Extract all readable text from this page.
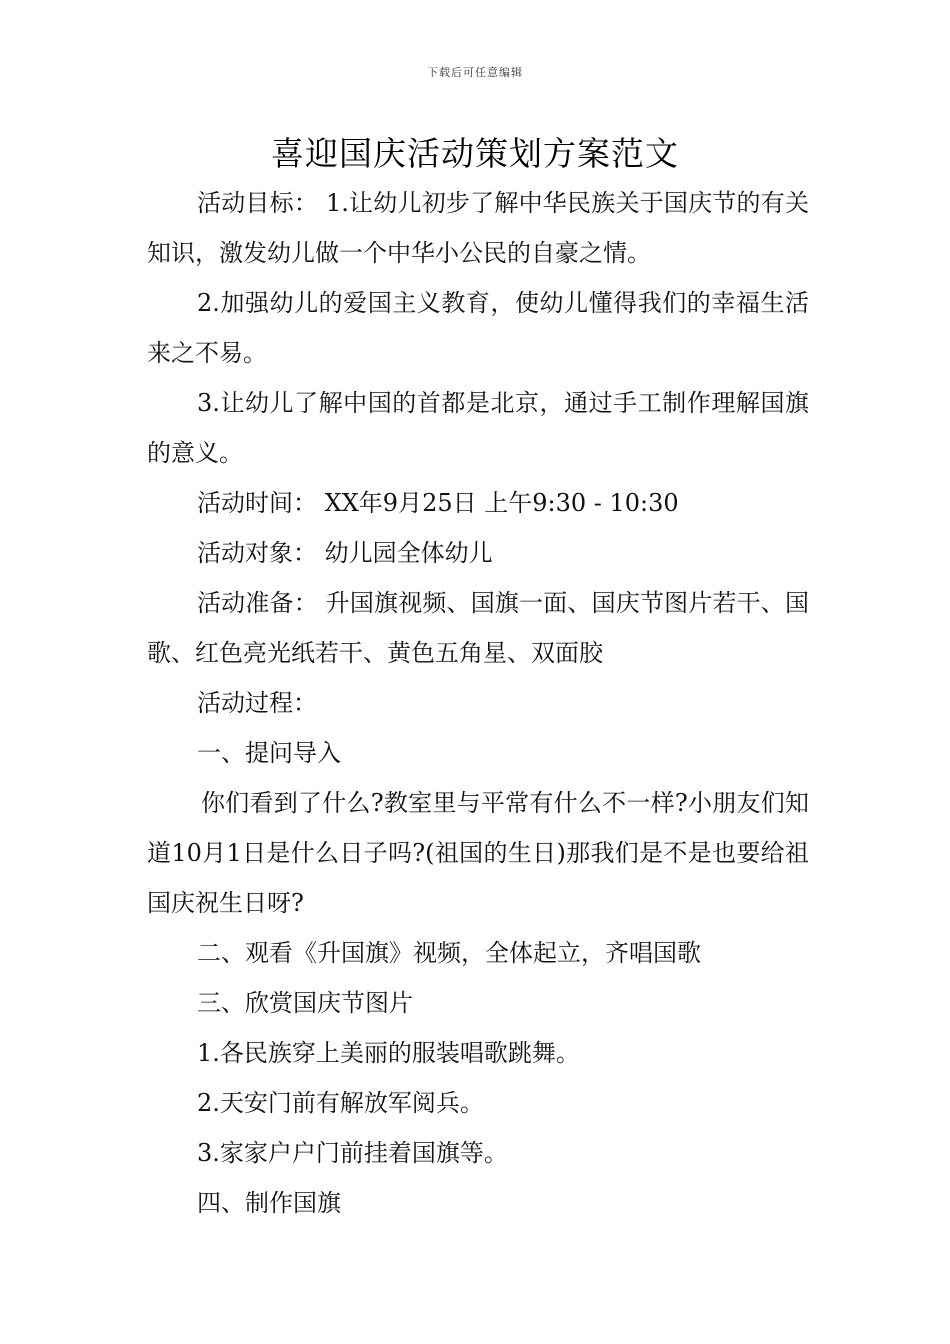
下载后可任意编辑
喜迎国庆活动策划方案范文

活动目标： 1.让幼儿初步了解中华民族关于国庆节的有关知识，激发幼儿做一个中华小公民的自豪之情。

2.加强幼儿的爱国主义教育，使幼儿懂得我们的幸福生活来之不易。

3.让幼儿了解中国的首都是北京，通过手工制作理解国旗的意义。

活动时间： XX年9月25日 上午9:30 - 10:30

活动对象： 幼儿园全体幼儿

活动准备： 升国旗视频、国旗一面、国庆节图片若干、国歌、红色亮光纸若干、黄色五角星、双面胶

活动过程：

一、提问导入

你们看到了什么?教室里与平常有什么不一样?小朋友们知道10月1日是什么日子吗?(祖国的生日)那我们是不是也要给祖国庆祝生日呀?

二、观看《升国旗》视频，全体起立，齐唱国歌

三、欣赏国庆节图片

1.各民族穿上美丽的服装唱歌跳舞。

2.天安门前有解放军阅兵。

3.家家户户门前挂着国旗等。

四、制作国旗
